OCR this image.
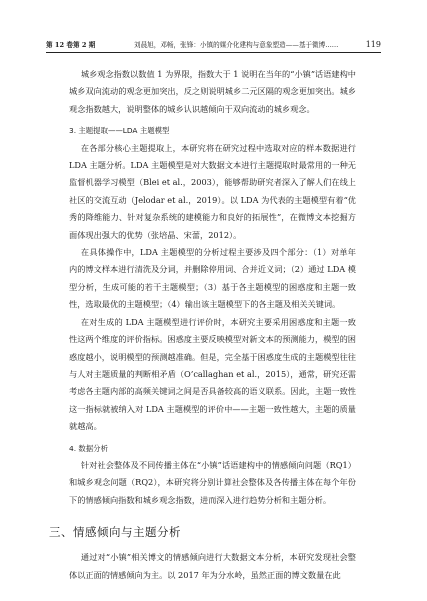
第 12 卷第 2 期	刘晨旭，邓畅，张锋：小镇的媒介化建构与意象塑造——基于微博……	119

城乡观念指数以数值 1 为界限，指数大于 1 说明在当年的“小镇”话语建构中城乡双向流动的观念更加突出，反之则说明城乡二元区隔的观念更加突出。城乡观念指数越大，说明整体的城乡认识越倾向于双向流动的城乡观念。

3. 主题提取——LDA 主题模型

在各部分核心主题提取上，本研究将在研究过程中选取对应的样本数据进行 LDA 主题分析。LDA 主题模型是对大数据文本进行主题提取时最常用的一种无监督机器学习模型（Blei et al.，2003），能够帮助研究者深入了解人们在线上社区的交流互动（Jelodar et al.，2019）。以 LDA 为代表的主题模型有着“优秀的降维能力、针对复杂系统的建模能力和良好的拓展性”，在微博文本挖掘方面体现出强大的优势（张培晶、宋蕾，2012）。

在具体操作中，LDA 主题模型的分析过程主要涉及四个部分：（1）对单年内的博文样本进行清洗及分词，并删除停用词、合并近义词；（2）通过 LDA 模型分析，生成可能的若干主题模型；（3）基于各主题模型的困惑度和主题一致性，选取最优的主题模型；（4）输出该主题模型下的各主题及相关关键词。

在对生成的 LDA 主题模型进行评价时，本研究主要采用困惑度和主题一致性这两个维度的评价指标。困惑度主要反映模型对新文本的预测能力，模型的困惑度越小，说明模型的预测越准确。但是，完全基于困惑度生成的主题模型往往与人对主题质量的判断相矛盾（O’callaghan et al.，2015），通常，研究还需考虑各主题内部的高频关键词之间是否具备较高的语义联系。因此，主题一致性这一指标就被纳入对 LDA 主题模型的评价中——主题一致性越大，主题的质量就越高。

4. 数据分析

针对社会整体及不同传播主体在“小镇”话语建构中的情感倾向问题（RQ1）和城乡观念问题（RQ2），本研究将分别计算社会整体及各传播主体在每个年份下的情感倾向指数和城乡观念指数，进而深入进行趋势分析和主题分析。

三、情感倾向与主题分析

通过对“小镇”相关博文的情感倾向进行大数据文本分析，本研究发现社会整体以正面的情感倾向为主。以 2017 年为分水岭，虽然正面的博文数量在此
